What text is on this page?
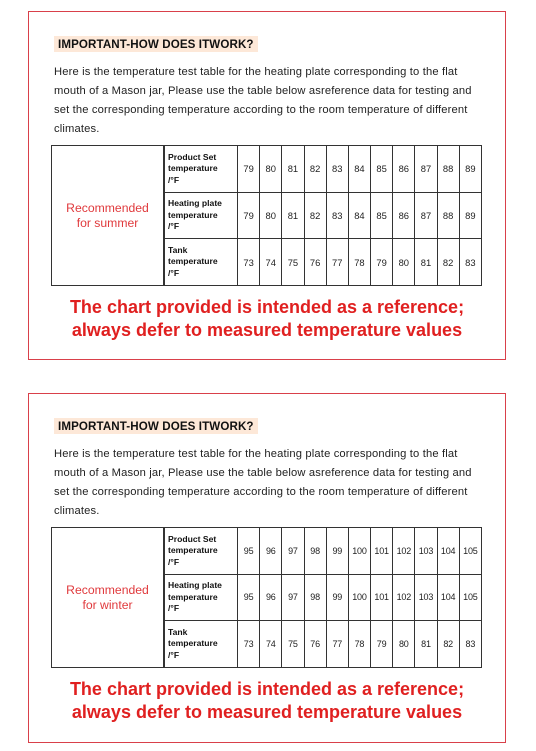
IMPORTANT-HOW DOES ITWORK?

Here is the temperature test table for the heating plate corresponding to the flat mouth of a Mason jar, Please use the table below asreference data for testing and set the corresponding temperature according to the room temperature of different climates.

Recommended
for summer
Product Set
temperature
/°F	79	80	81	82	83	84	85	86	87	88	89
Heating plate
temperature
/°F	79	80	81	82	83	84	85	86	87	88	89
Tank
temperature
/°F	73	74	75	76	77	78	79	80	81	82	83
The chart provided is intended as a reference;
always defer to measured temperature values
IMPORTANT-HOW DOES ITWORK?

Here is the temperature test table for the heating plate corresponding to the flat mouth of a Mason jar, Please use the table below asreference data for testing and set the corresponding temperature according to the room temperature of different climates.

Recommended
for winter
Product Set
temperature
/°F	95	96	97	98	99	100	101	102	103	104	105
Heating plate
temperature
/°F	95	96	97	98	99	100	101	102	103	104	105
Tank
temperature
/°F	73	74	75	76	77	78	79	80	81	82	83
The chart provided is intended as a reference;
always defer to measured temperature values
